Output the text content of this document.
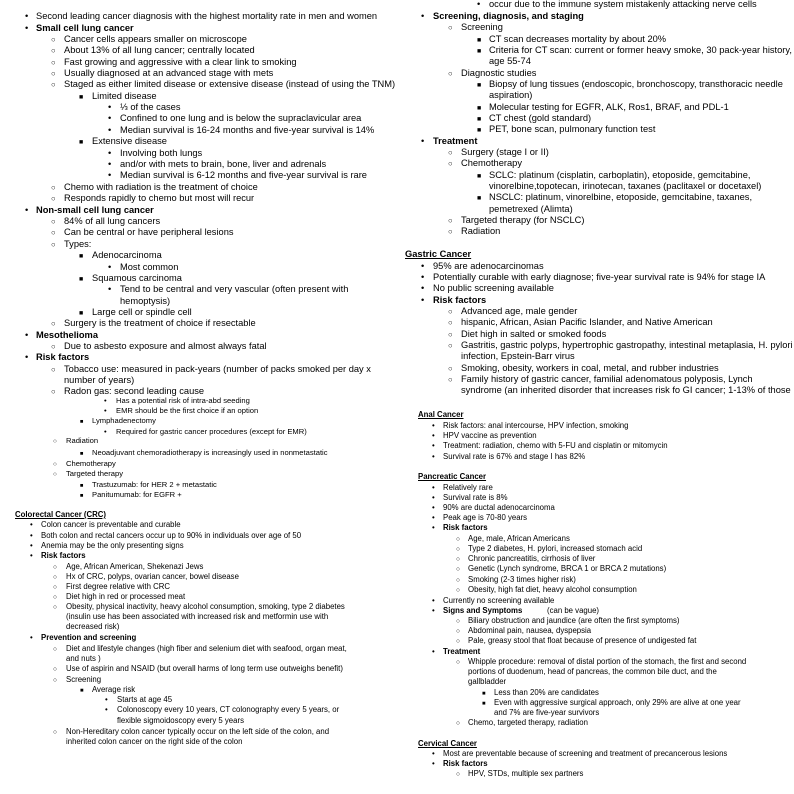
•
Second leading cancer diagnosis with the highest mortality rate in men and women
•
Small cell lung cancer
○
Cancer cells appears smaller on microscope
○
About 13% of all lung cancer; centrally located
○
Fast growing and aggressive with a clear link to smoking
○
Usually diagnosed at an advanced stage with mets
○
Staged as either limited disease or extensive disease (instead of using the TNM)
■
Limited disease
•
⅓ of the cases
•
Confined to one lung and is below the supraclavicular area
•
Median survival is 16-24 months and five-year survival is 14%
■
Extensive disease
•
Involving both lungs
•
and/or with mets to brain, bone, liver and adrenals
•
Median survival is 6-12 months and five-year survival is rare
○
Chemo with radiation is the treatment of choice
○
Responds rapidly to chemo but most will recur
•
Non-small cell lung cancer
○
84% of all lung cancers
○
Can be central or have peripheral lesions
○
Types:
■
Adenocarcinoma
•
Most common
■
Squamous carcinoma
•
Tend to be central and very vascular (often present with
hemoptysis)
■
Large cell or spindle cell
○
Surgery is the treatment of choice if resectable
•
Mesothelioma
○
Due to asbesto exposure and almost always fatal
•
Risk factors
○
Tobacco use: measured in pack-years (number of packs smoked per day x
number of years)
○
Radon gas: second leading cause
•
Has a potential risk of intra-abd seeding
•
EMR should be the first choice if an option
■
Lymphadenectomy
•
Required for gastric cancer procedures (except for EMR)
○
Radiation
■
Neoadjuvant chemoradiotherapy is increasingly used in nonmetastatic
○
Chemotherapy
○
Targeted therapy
■
Trastuzumab: for HER 2 + metastatic
■
Panitumumab: for EGFR +
Colorectal Cancer (CRC)
•
Colon cancer is preventable and curable
•
Both colon and rectal cancers occur up to 90% in individuals over age of 50
•
Anemia may be the only presenting signs
•
Risk factors
○
Age, African American, Shekenazi Jews
○
Hx of CRC, polyps, ovarian cancer, bowel disease
○
First degree relative with CRC
○
Diet high in red or processed meat
○
Obesity, physical inactivity, heavy alcohol consumption, smoking, type 2 diabetes
(insulin use has been associated with increased risk and metformin use with
decreased risk)
•
Prevention and screening
○
Diet and lifestyle changes (high fiber and selenium diet with seafood, organ meat,
and nuts )
○
Use of aspirin and NSAID (but overall harms of long term use outweighs benefit)
○
Screening
■
Average risk
•
Starts at age 45
•
Colonoscopy every 10 years, CT colonography every 5 years, or
flexible sigmoidoscopy every 5 years
○
Non-Hereditary colon cancer typically occur on the left side of the colon, and
inherited colon cancer on the right side of the colon
•
occur due to the immune system mistakenly attacking nerve cells
•
Screening, diagnosis, and staging
○
Screening
■
CT scan decreases mortality by about 20%
■
Criteria for CT scan: current or former heavy smoke, 30 pack-year history,
age 55-74
○
Diagnostic studies
■
Biopsy of lung tissues (endoscopic, bronchoscopy, transthoracic needle
aspiration)
■
Molecular testing for EGFR, ALK, Ros1, BRAF, and PDL-1
■
CT chest (gold standard)
■
PET, bone scan, pulmonary function test
•
Treatment
○
Surgery (stage I or II)
○
Chemotherapy
■
SCLC: platinum (cisplatin, carboplatin), etoposide, gemcitabine,
vinorelbine,topotecan, irinotecan, taxanes (paclitaxel or docetaxel)
■
NSCLC: platinum, vinorelbine, etoposide, gemcitabine, taxanes,
pemetrexed (Alimta)
○
Targeted therapy (for NSCLC)
○
Radiation
Gastric Cancer
•
95% are adenocarcinomas
•
Potentially curable with early diagnose; five-year survival rate is 94% for stage IA
•
No public screening available
•
Risk factors
○
Advanced age, male gender
○
hispanic, African, Asian Pacific Islander, and Native American
○
Diet high in salted or smoked foods
○
Gastritis, gastric polyps, hypertrophic gastropathy, intestinal metaplasia, H. pylori
infection, Epstein-Barr virus
○
Smoking, obesity, workers in coal, metal, and rubber industries
○
Family history of gastric cancer, familial adenomatous polyposis, Lynch
syndrome (an inherited disorder that increases risk fo GI cancer; 1-13% of those
Anal Cancer
•
Risk factors: anal intercourse, HPV infection, smoking
•
HPV vaccine as prevention
•
Treatment: radiation, chemo with 5-FU and cisplatin or mitomycin
•
Survival rate is 67% and stage I has 82%
Pancreatic Cancer
•
Relatively rare
•
Survival rate is 8%
•
90% are ductal adenocarcinoma
•
Peak age is 70-80 years
•
Risk factors
○
Age, male, African Americans
○
Type 2 diabetes, H. pylori, increased stomach acid
○
Chronic pancreatitis, cirrhosis of liver
○
Genetic (Lynch syndrome, BRCA 1 or BRCA 2 mutations)
○
Smoking (2-3 times higher risk)
○
Obesity, high fat diet, heavy alcohol consumption
•
Currently no screening available
•
Signs and Symptoms	(can be vague)
○
Biliary obstruction and jaundice (are often the first symptoms)
○
Abdominal pain, nausea, dyspepsia
○
Pale, greasy stool that float because of presence of undigested fat
•
Treatment
○
Whipple procedure: removal of distal portion of the stomach, the first and second
portions of duodenum, head of pancreas, the common bile duct, and the
gallbladder
■
Less than 20% are candidates
■
Even with aggressive surgical approach, only 29% are alive at one year
and 7% are five-year survivors
○
Chemo, targeted therapy, radiation
Cervical Cancer
•
Most are preventable because of screening and treatment of precancerous lesions
•
Risk factors
○
HPV, STDs, multiple sex partners
